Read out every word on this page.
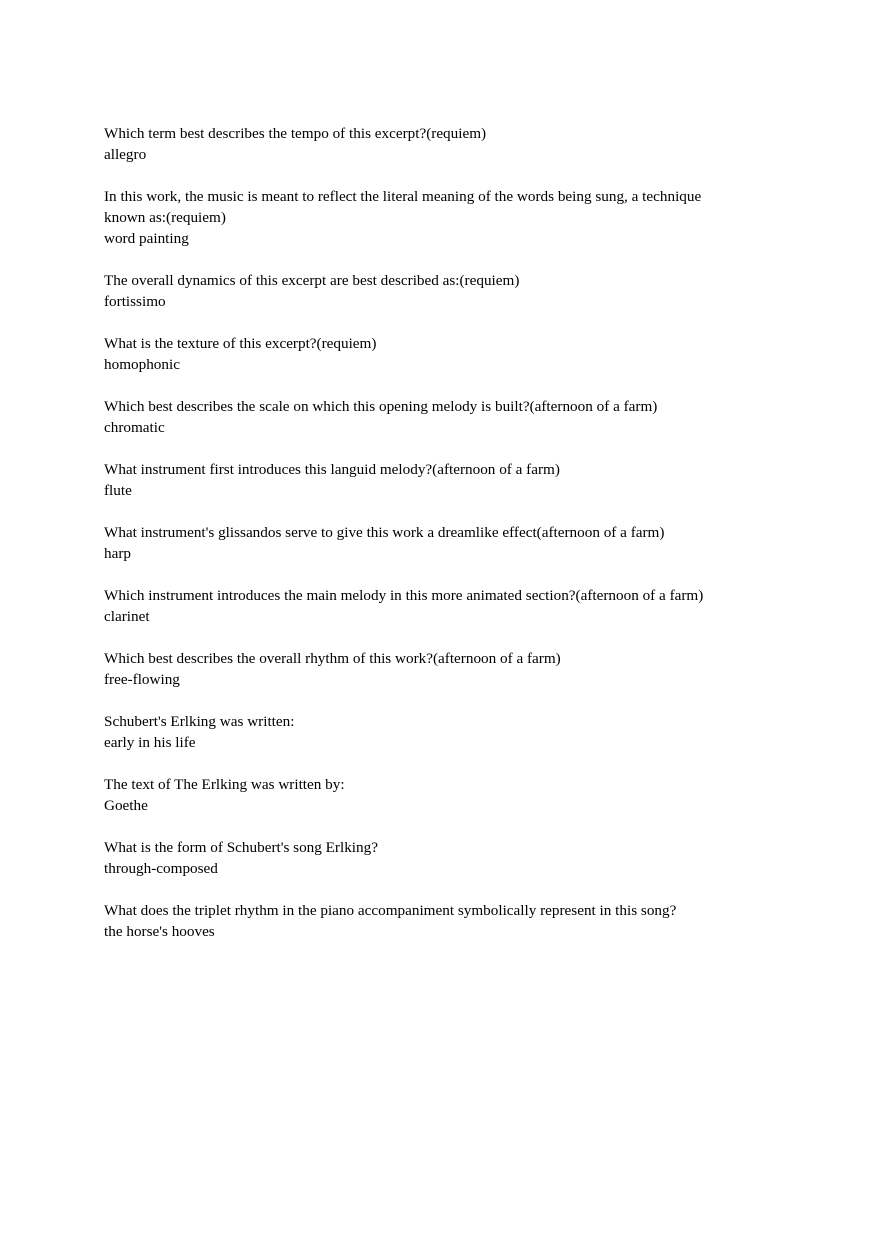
Which term best describes the tempo of this excerpt?(requiem)
allegro
In this work, the music is meant to reflect the literal meaning of the words being sung, a technique known as:(requiem)
word painting
The overall dynamics of this excerpt are best described as:(requiem)
fortissimo
What is the texture of this excerpt?(requiem)
homophonic
Which best describes the scale on which this opening melody is built?(afternoon of a farm)
chromatic
What instrument first introduces this languid melody?(afternoon of a farm)
flute
What instrument's glissandos serve to give this work a dreamlike effect(afternoon of a farm)
harp
Which instrument introduces the main melody in this more animated section?(afternoon of a farm)
clarinet
Which best describes the overall rhythm of this work?(afternoon of a farm)
free-flowing
Schubert's Erlking was written:
early in his life
The text of The Erlking was written by:
Goethe
What is the form of Schubert's song Erlking?
through-composed
What does the triplet rhythm in the piano accompaniment symbolically represent in this song?
the horse's hooves
